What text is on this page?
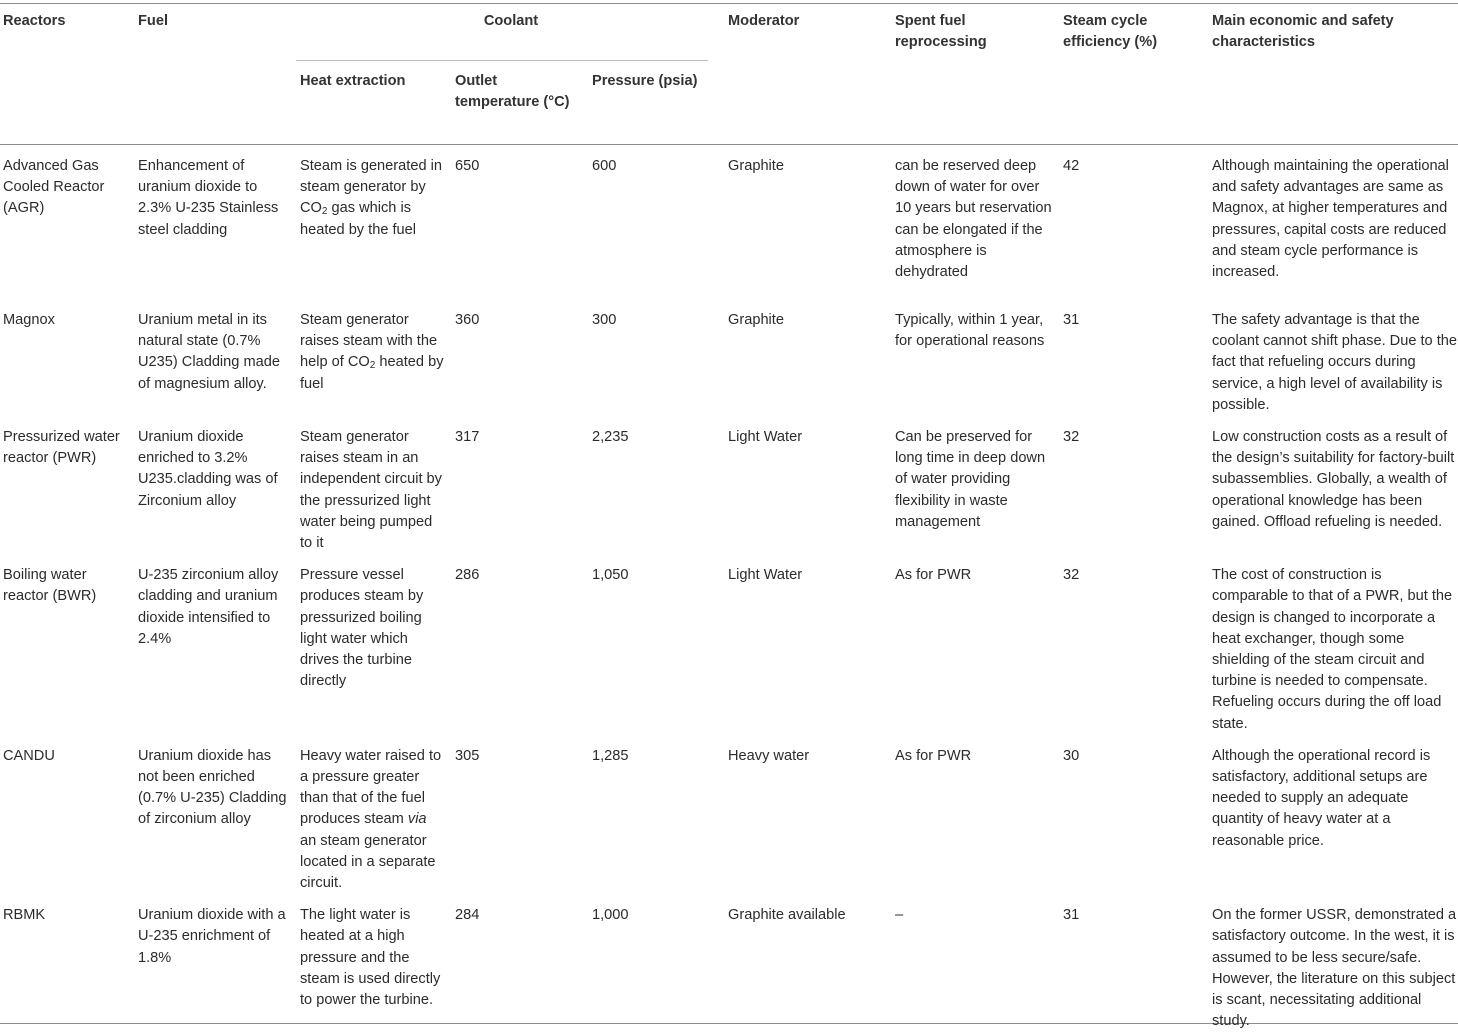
Reactors	Fuel	Coolant			Moderator	Spent fuel reprocessing	Steam cycle efficiency (%)	Main economic and safety characteristics
		Heat extraction	Outlet temperature (°C)	Pressure (psia)				
Advanced Gas Cooled Reactor (AGR)	Enhancement of uranium dioxide to 2.3% U-235 Stainless steel cladding	Steam is generated in steam generator by $CO_2$ gas which is heated by the fuel	650	600	Graphite	can be reserved deep down of water for over 10 years but reservation can be elongated if the atmosphere is dehydrated	42	Although maintaining the operational and safety advantages are same as Magnox, at higher temperatures and pressures, capital costs are reduced and steam cycle performance is increased.
Magnox	Uranium metal in its natural state (0.7% U235) Cladding made of magnesium alloy.	Steam generator raises steam with the help of $CO_2$ heated by fuel	360	300	Graphite	Typically, within 1 year, for operational reasons	31	The safety advantage is that the coolant cannot shift phase. Due to the fact that refueling occurs during service, a high level of availability is possible.
Pressurized water reactor (PWR)	Uranium dioxide enriched to 3.2% U235.cladding was of Zirconium alloy	Steam generator raises steam in an independent circuit by the pressurized light water being pumped to it	317	2,235	Light Water	Can be preserved for long time in deep down of water providing flexibility in waste management	32	Low construction costs as a result of the design’s suitability for factory-built subassemblies. Globally, a wealth of operational knowledge has been gained. Offload refueling is needed.
Boiling water reactor (BWR)	U-235 zirconium alloy cladding and uranium dioxide intensified to 2.4%	Pressure vessel produces steam by pressurized boiling light water which drives the turbine directly	286	1,050	Light Water	As for PWR	32	The cost of construction is comparable to that of a PWR, but the design is changed to incorporate a heat exchanger, though some shielding of the steam circuit and turbine is needed to compensate. Refueling occurs during the off load state.
CANDU	Uranium dioxide has not been enriched (0.7% U-235) Cladding of zirconium alloy	Heavy water raised to a pressure greater than that of the fuel produces steam via an steam generator located in a separate circuit.	305	1,285	Heavy water	As for PWR	30	Although the operational record is satisfactory, additional setups are needed to supply an adequate quantity of heavy water at a reasonable price.
RBMK	Uranium dioxide with a U-235 enrichment of 1.8%	The light water is heated at a high pressure and the steam is used directly to power the turbine.	284	1,000	Graphite available	–	31	On the former USSR, demonstrated a satisfactory outcome. In the west, it is assumed to be less secure/safe. However, the literature on this subject is scant, necessitating additional study.
